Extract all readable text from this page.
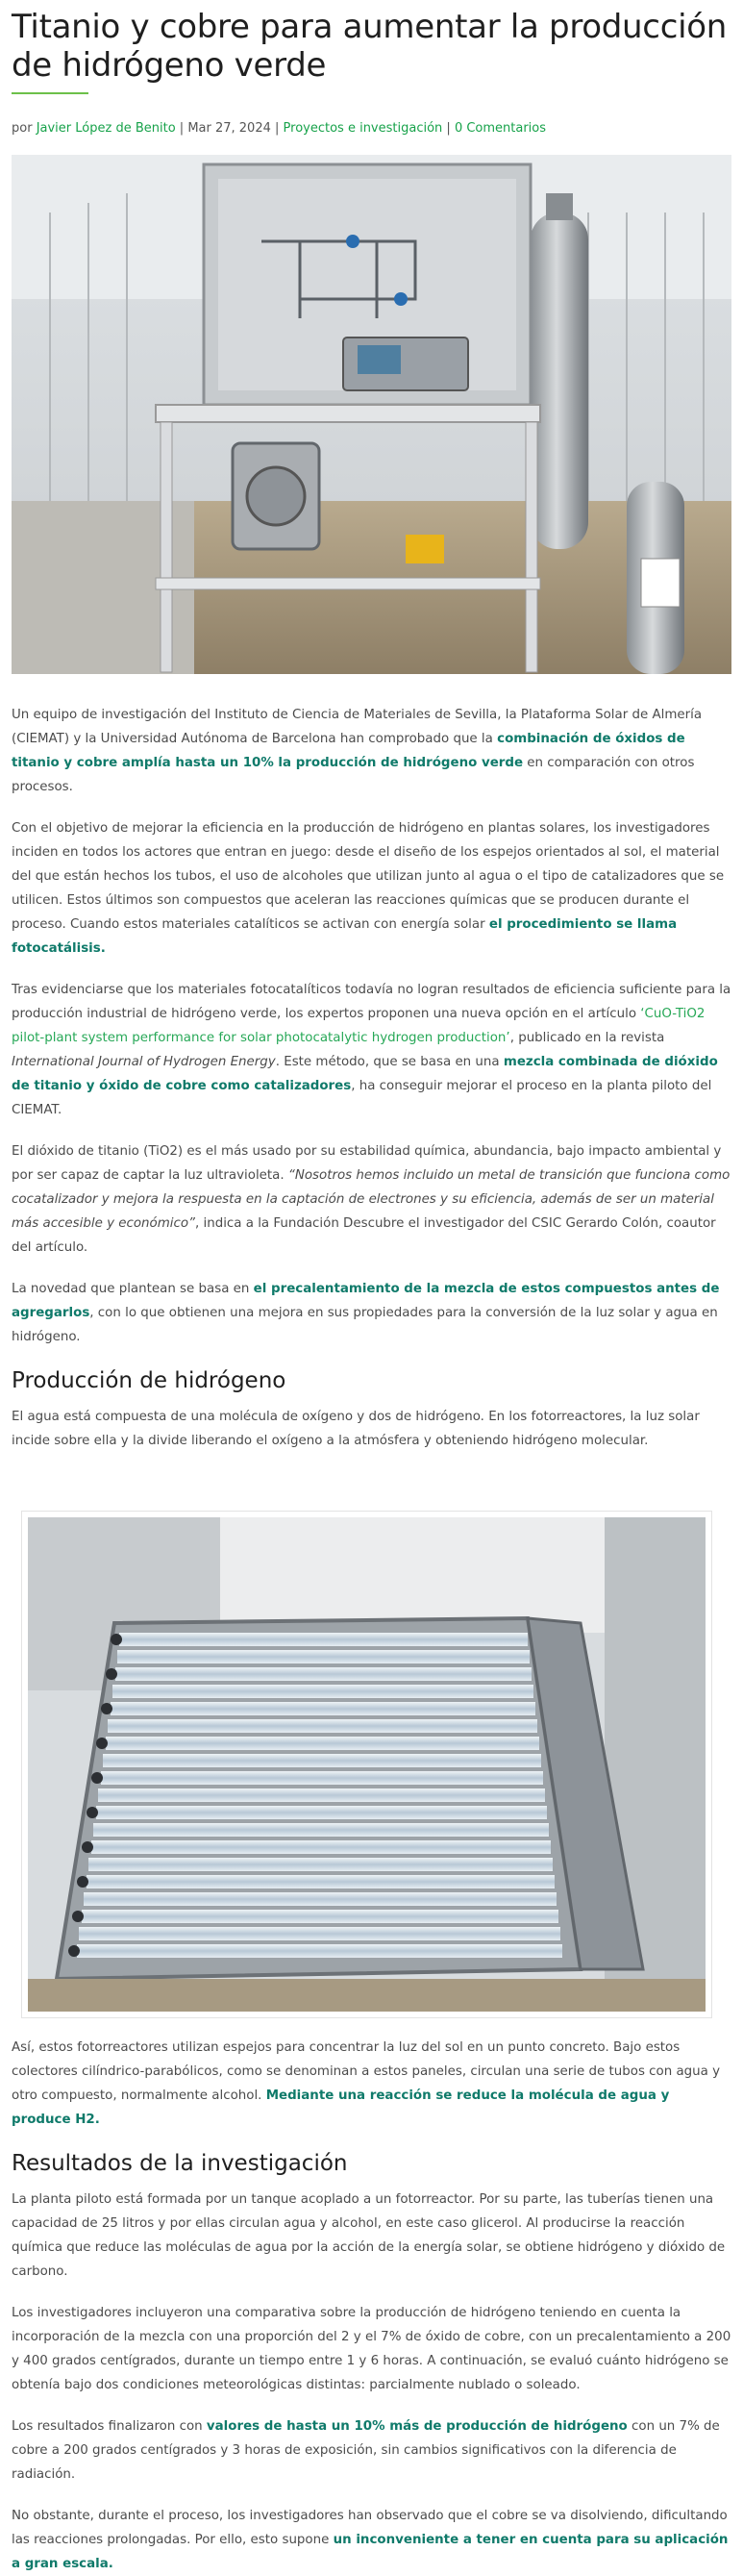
Titanio y cobre para aumentar la producción de hidrógeno verde
por Javier López de Benito | Mar 27, 2024 | Proyectos e investigación | 0 Comentarios

Un equipo de investigación del Instituto de Ciencia de Materiales de Sevilla, la Plataforma Solar de Almería (CIEMAT) y la Universidad Autónoma de Barcelona han comprobado que la combinación de óxidos de titanio y cobre amplía hasta un 10% la producción de hidrógeno verde en comparación con otros procesos.

Con el objetivo de mejorar la eficiencia en la producción de hidrógeno en plantas solares, los investigadores inciden en todos los actores que entran en juego: desde el diseño de los espejos orientados al sol, el material del que están hechos los tubos, el uso de alcoholes que utilizan junto al agua o el tipo de catalizadores que se utilicen. Estos últimos son compuestos que aceleran las reacciones químicas que se producen durante el proceso. Cuando estos materiales catalíticos se activan con energía solar el procedimiento se llama fotocatálisis.

Tras evidenciarse que los materiales fotocatalíticos todavía no logran resultados de eficiencia suficiente para la producción industrial de hidrógeno verde, los expertos proponen una nueva opción en el artículo ‘CuO-TiO2 pilot-plant system performance for solar photocatalytic hydrogen production’, publicado en la revista International Journal of Hydrogen Energy. Este método, que se basa en una mezcla combinada de dióxido de titanio y óxido de cobre como catalizadores, ha conseguir mejorar el proceso en la planta piloto del CIEMAT.

El dióxido de titanio (TiO2) es el más usado por su estabilidad química, abundancia, bajo impacto ambiental y por ser capaz de captar la luz ultravioleta. “Nosotros hemos incluido un metal de transición que funciona como cocatalizador y mejora la respuesta en la captación de electrones y su eficiencia, además de ser un material más accesible y económico”, indica a la Fundación Descubre el investigador del CSIC Gerardo Colón, coautor del artículo.

La novedad que plantean se basa en el precalentamiento de la mezcla de estos compuestos antes de agregarlos, con lo que obtienen una mejora en sus propiedades para la conversión de la luz solar y agua en hidrógeno.

Producción de hidrógeno

El agua está compuesta de una molécula de oxígeno y dos de hidrógeno. En los fotorreactores, la luz solar incide sobre ella y la divide liberando el oxígeno a la atmósfera y obteniendo hidrógeno molecular.

Así, estos fotorreactores utilizan espejos para concentrar la luz del sol en un punto concreto. Bajo estos colectores cilíndrico-parabólicos, como se denominan a estos paneles, circulan una serie de tubos con agua y otro compuesto, normalmente alcohol. Mediante una reacción se reduce la molécula de agua y produce H2.

Resultados de la investigación

La planta piloto está formada por un tanque acoplado a un fotorreactor. Por su parte, las tuberías tienen una capacidad de 25 litros y por ellas circulan agua y alcohol, en este caso glicerol. Al producirse la reacción química que reduce las moléculas de agua por la acción de la energía solar, se obtiene hidrógeno y dióxido de carbono.

Los investigadores incluyeron una comparativa sobre la producción de hidrógeno teniendo en cuenta la incorporación de la mezcla con una proporción del 2 y el 7% de óxido de cobre, con un precalentamiento a 200 y 400 grados centígrados, durante un tiempo entre 1 y 6 horas. A continuación, se evaluó cuánto hidrógeno se obtenía bajo dos condiciones meteorológicas distintas: parcialmente nublado o soleado.

Los resultados finalizaron con valores de hasta un 10% más de producción de hidrógeno con un 7% de cobre a 200 grados centígrados y 3 horas de exposición, sin cambios significativos con la diferencia de radiación.

No obstante, durante el proceso, los investigadores han observado que el cobre se va disolviendo, dificultando las reacciones prolongadas. Por ello, esto supone un inconveniente a tener en cuenta para su aplicación a gran escala.
